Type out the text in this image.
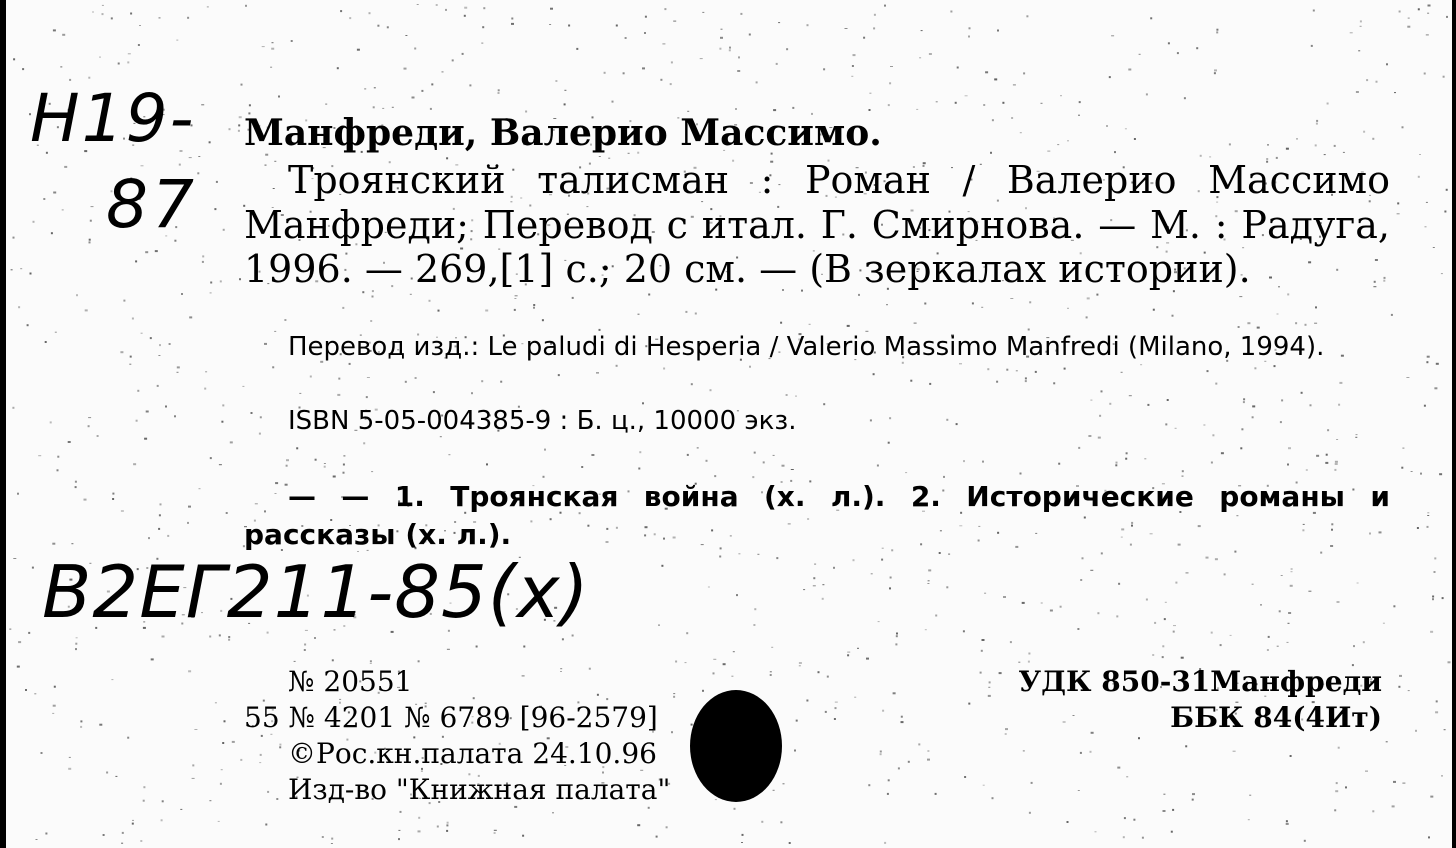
H19-
87
Манфреди, Валерио Массимо.
Троянский талисман : Роман / Валерио Массимо Манфреди; Перевод с итал. Г. Смирнова. — М. : Радуга, 1996. — 269,[1] с.; 20 см. — (В зеркалах истории).
Перевод изд.: Le paludi di Hesperia / Valerio Massimo Manfredi (Milano, 1994).
ISBN 5-05-004385-9 : Б. ц., 10000 экз.
— — 1. Троянская война (х. л.). 2. Исторические романы и рассказы (х. л.).
B2EГ211-85(x)
№ 20551
55 № 4201 № 6789 [96-2579]
©Рос.кн.палата 24.10.96
Изд-во "Книжная палата"
УДК 850-31Манфреди
ББК 84(4Ит)
